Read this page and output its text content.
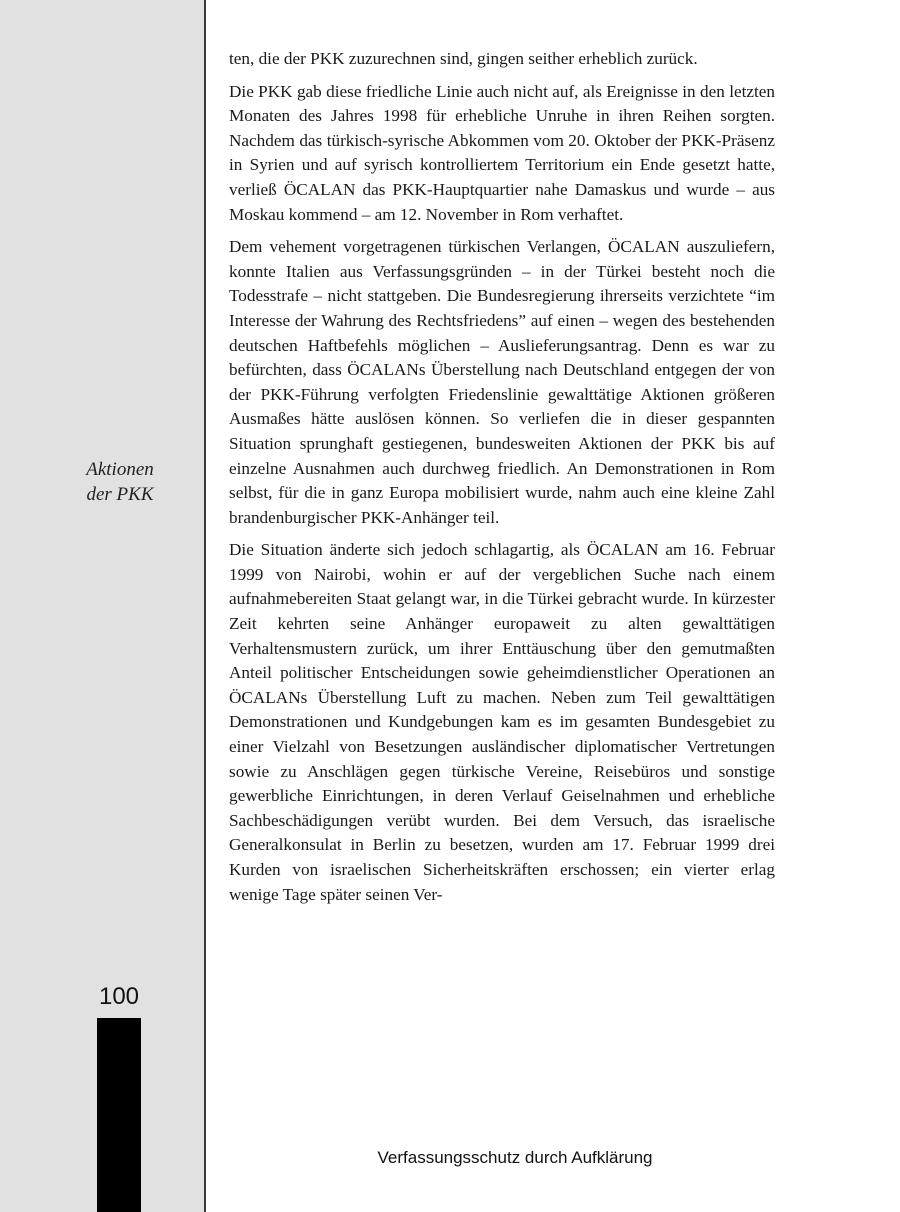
Aktionen
der PKK
100

ten, die der PKK zuzurechnen sind, gingen seither erheblich zurück.

Die PKK gab diese friedliche Linie auch nicht auf, als Ereignisse in den letzten Monaten des Jahres 1998 für erhebliche Unruhe in ihren Reihen sorgten. Nachdem das türkisch-syrische Abkommen vom 20. Oktober der PKK-Präsenz in Syrien und auf syrisch kontrolliertem Territorium ein Ende gesetzt hatte, verließ ÖCALAN das PKK-Hauptquartier nahe Damaskus und wurde – aus Moskau kommend – am 12. November in Rom verhaftet.

Dem vehement vorgetragenen türkischen Verlangen, ÖCALAN auszuliefern, konnte Italien aus Verfassungsgründen – in der Türkei besteht noch die Todesstrafe – nicht stattgeben. Die Bundesregierung ihrerseits verzichtete “im Interesse der Wahrung des Rechtsfriedens” auf einen – wegen des bestehenden deutschen Haftbefehls möglichen – Auslieferungsantrag. Denn es war zu befürchten, dass ÖCALANs Überstellung nach Deutschland entgegen der von der PKK-Führung verfolgten Friedenslinie gewalttätige Aktionen größeren Ausmaßes hätte auslösen können. So verliefen die in dieser gespannten Situation sprunghaft gestiegenen, bundesweiten Aktionen der PKK bis auf einzelne Ausnahmen auch durchweg friedlich. An Demonstrationen in Rom selbst, für die in ganz Europa mobilisiert wurde, nahm auch eine kleine Zahl brandenburgischer PKK-Anhänger teil.

Die Situation änderte sich jedoch schlagartig, als ÖCALAN am 16. Februar 1999 von Nairobi, wohin er auf der vergeblichen Suche nach einem aufnahmebereiten Staat gelangt war, in die Türkei gebracht wurde. In kürzester Zeit kehrten seine Anhänger europaweit zu alten gewalttätigen Verhaltensmustern zurück, um ihrer Enttäuschung über den gemutmaßten Anteil politischer Entscheidungen sowie geheimdienstlicher Operationen an ÖCALANs Überstellung Luft zu machen. Neben zum Teil gewalttätigen Demonstrationen und Kundgebungen kam es im gesamten Bundesgebiet zu einer Vielzahl von Besetzungen ausländischer diplomatischer Vertretungen sowie zu Anschlägen gegen türkische Vereine, Reisebüros und sonstige gewerbliche Einrichtungen, in deren Verlauf Geiselnahmen und erhebliche Sachbeschädigungen verübt wurden. Bei dem Versuch, das israelische Generalkonsulat in Berlin zu besetzen, wurden am 17. Februar 1999 drei Kurden von israelischen Sicherheitskräften erschossen; ein vierter erlag wenige Tage später seinen Ver-

Verfassungsschutz durch Aufklärung
